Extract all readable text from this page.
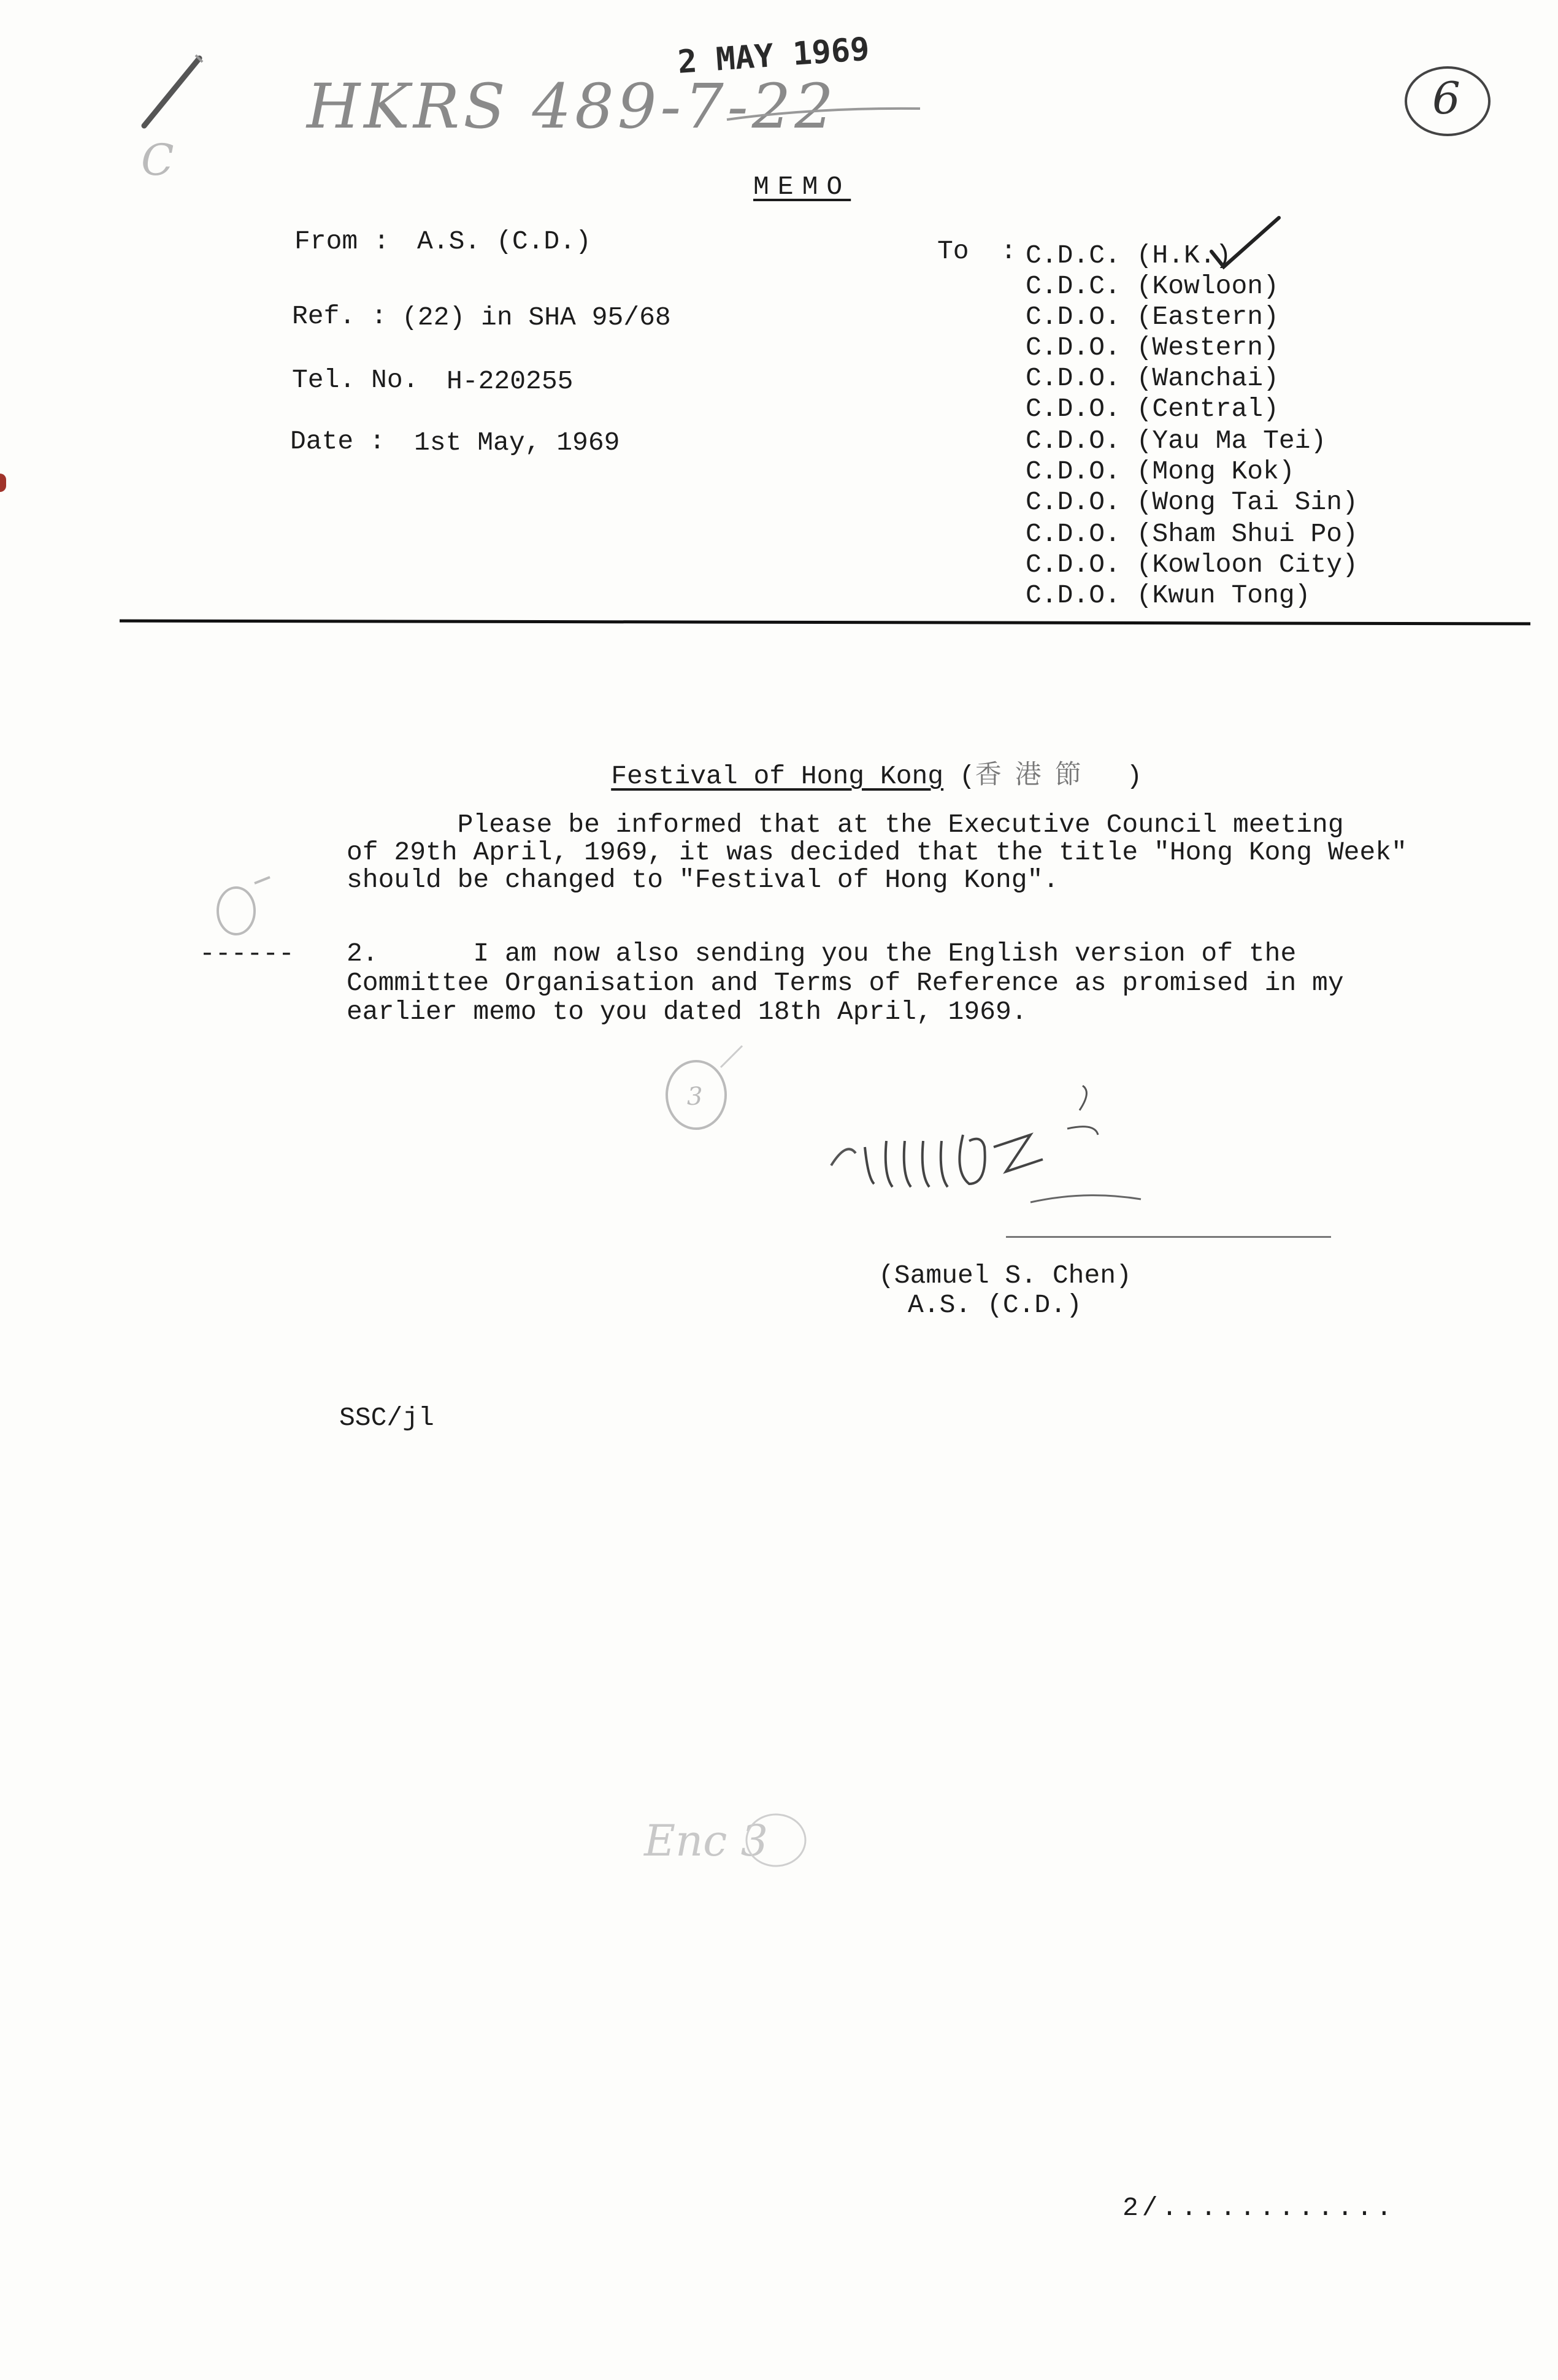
C
HKRS 489-7-22
2 MAY 1969
6
MEMO
From : A.S. (C.D.)
Ref. : (22) in SHA 95/68
Tel. No. H-220255
Date : 1st May, 1969
To  : C.D.C. (H.K.)
C.D.C. (Kowloon)
C.D.O. (Eastern)
C.D.O. (Western)
C.D.O. (Wanchai)
C.D.O. (Central)
C.D.O. (Yau Ma Tei)
C.D.O. (Mong Kok)
C.D.O. (Wong Tai Sin)
C.D.O. (Sham Shui Po)
C.D.O. (Kowloon City)
C.D.O. (Kwun Tong)

Festival of Hong Kong (香港節  )

Please be informed that at the Executive Council meeting
of 29th April, 1969, it was decided that the title "Hong Kong Week"
should be changed to "Festival of Hong Kong".
------ 2.      I am now also sending you the English version of the
Committee Organisation and Terms of Reference as promised in my
earlier memo to you dated 18th April, 1969.
3
(Samuel S. Chen)
A.S. (C.D.)
SSC/jl
Enc 3
2/............
